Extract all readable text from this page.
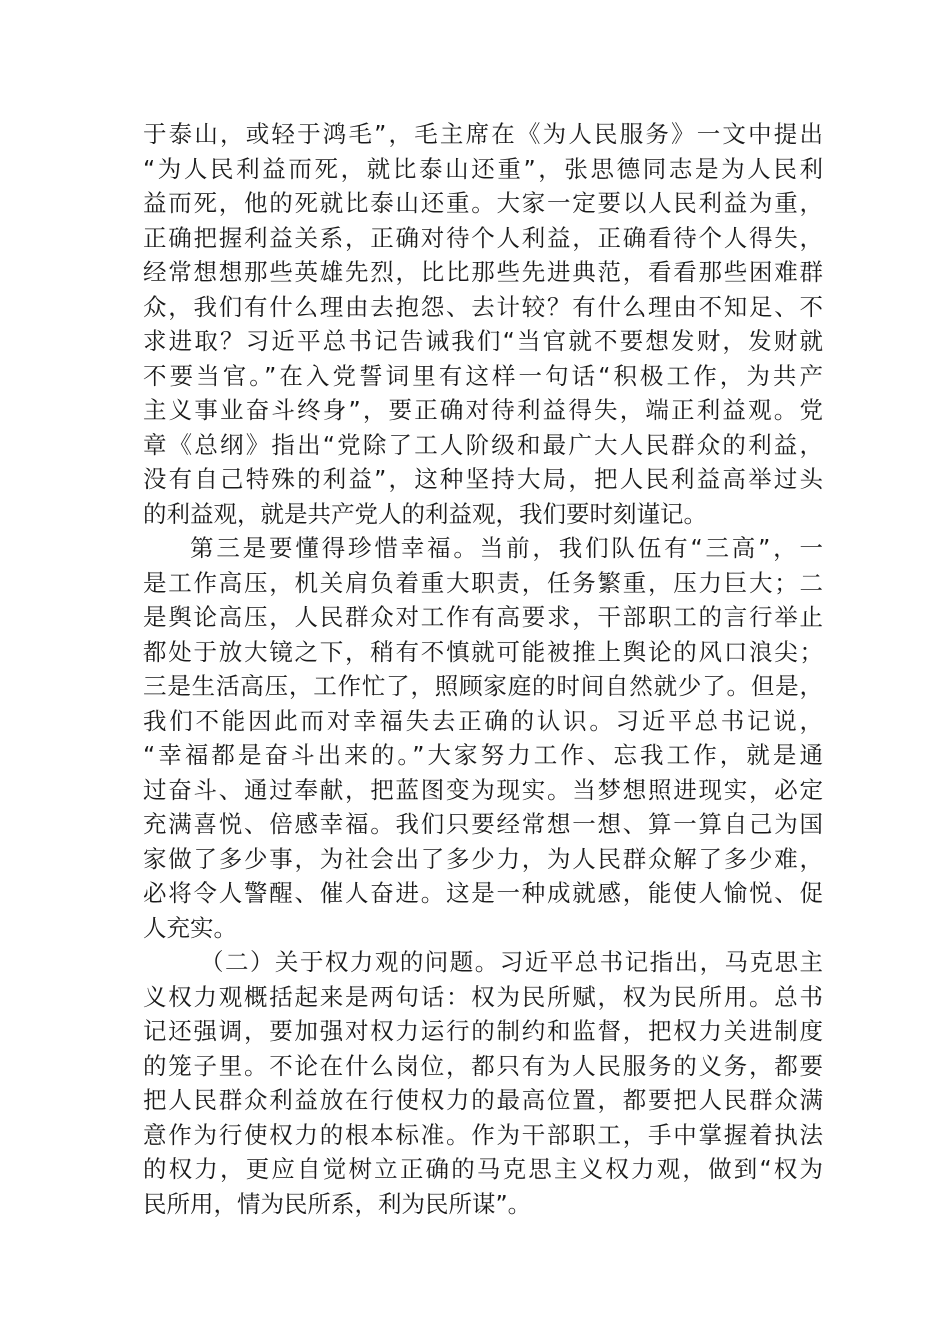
于泰山，或轻于鸿毛”，毛主席在《为人民服务》一文中提出
“为人民利益而死，就比泰山还重”，张思德同志是为人民利
益而死，他的死就比泰山还重。大家一定要以人民利益为重，
正确把握利益关系，正确对待个人利益，正确看待个人得失，
经常想想那些英雄先烈，比比那些先进典范，看看那些困难群
众，我们有什么理由去抱怨、去计较？有什么理由不知足、不
求进取？习近平总书记告诫我们“当官就不要想发财，发财就
不要当官。”在入党誓词里有这样一句话“积极工作，为共产
主义事业奋斗终身”，要正确对待利益得失，端正利益观。党
章《总纲》指出“党除了工人阶级和最广大人民群众的利益，
没有自己特殊的利益”，这种坚持大局，把人民利益高举过头
的利益观，就是共产党人的利益观，我们要时刻谨记。
第三是要懂得珍惜幸福。当前，我们队伍有“三高”，一
是工作高压，机关肩负着重大职责，任务繁重，压力巨大；二
是舆论高压，人民群众对工作有高要求，干部职工的言行举止
都处于放大镜之下，稍有不慎就可能被推上舆论的风口浪尖；
三是生活高压，工作忙了，照顾家庭的时间自然就少了。但是，
我们不能因此而对幸福失去正确的认识。习近平总书记说，
“幸福都是奋斗出来的。”大家努力工作、忘我工作，就是通
过奋斗、通过奉献，把蓝图变为现实。当梦想照进现实，必定
充满喜悦、倍感幸福。我们只要经常想一想、算一算自己为国
家做了多少事，为社会出了多少力，为人民群众解了多少难，
必将令人警醒、催人奋进。这是一种成就感，能使人愉悦、促
人充实。
（二）关于权力观的问题。习近平总书记指出，马克思主
义权力观概括起来是两句话：权为民所赋，权为民所用。总书
记还强调，要加强对权力运行的制约和监督，把权力关进制度
的笼子里。不论在什么岗位，都只有为人民服务的义务，都要
把人民群众利益放在行使权力的最高位置，都要把人民群众满
意作为行使权力的根本标准。作为干部职工，手中掌握着执法
的权力，更应自觉树立正确的马克思主义权力观，做到“权为
民所用，情为民所系，利为民所谋”。
